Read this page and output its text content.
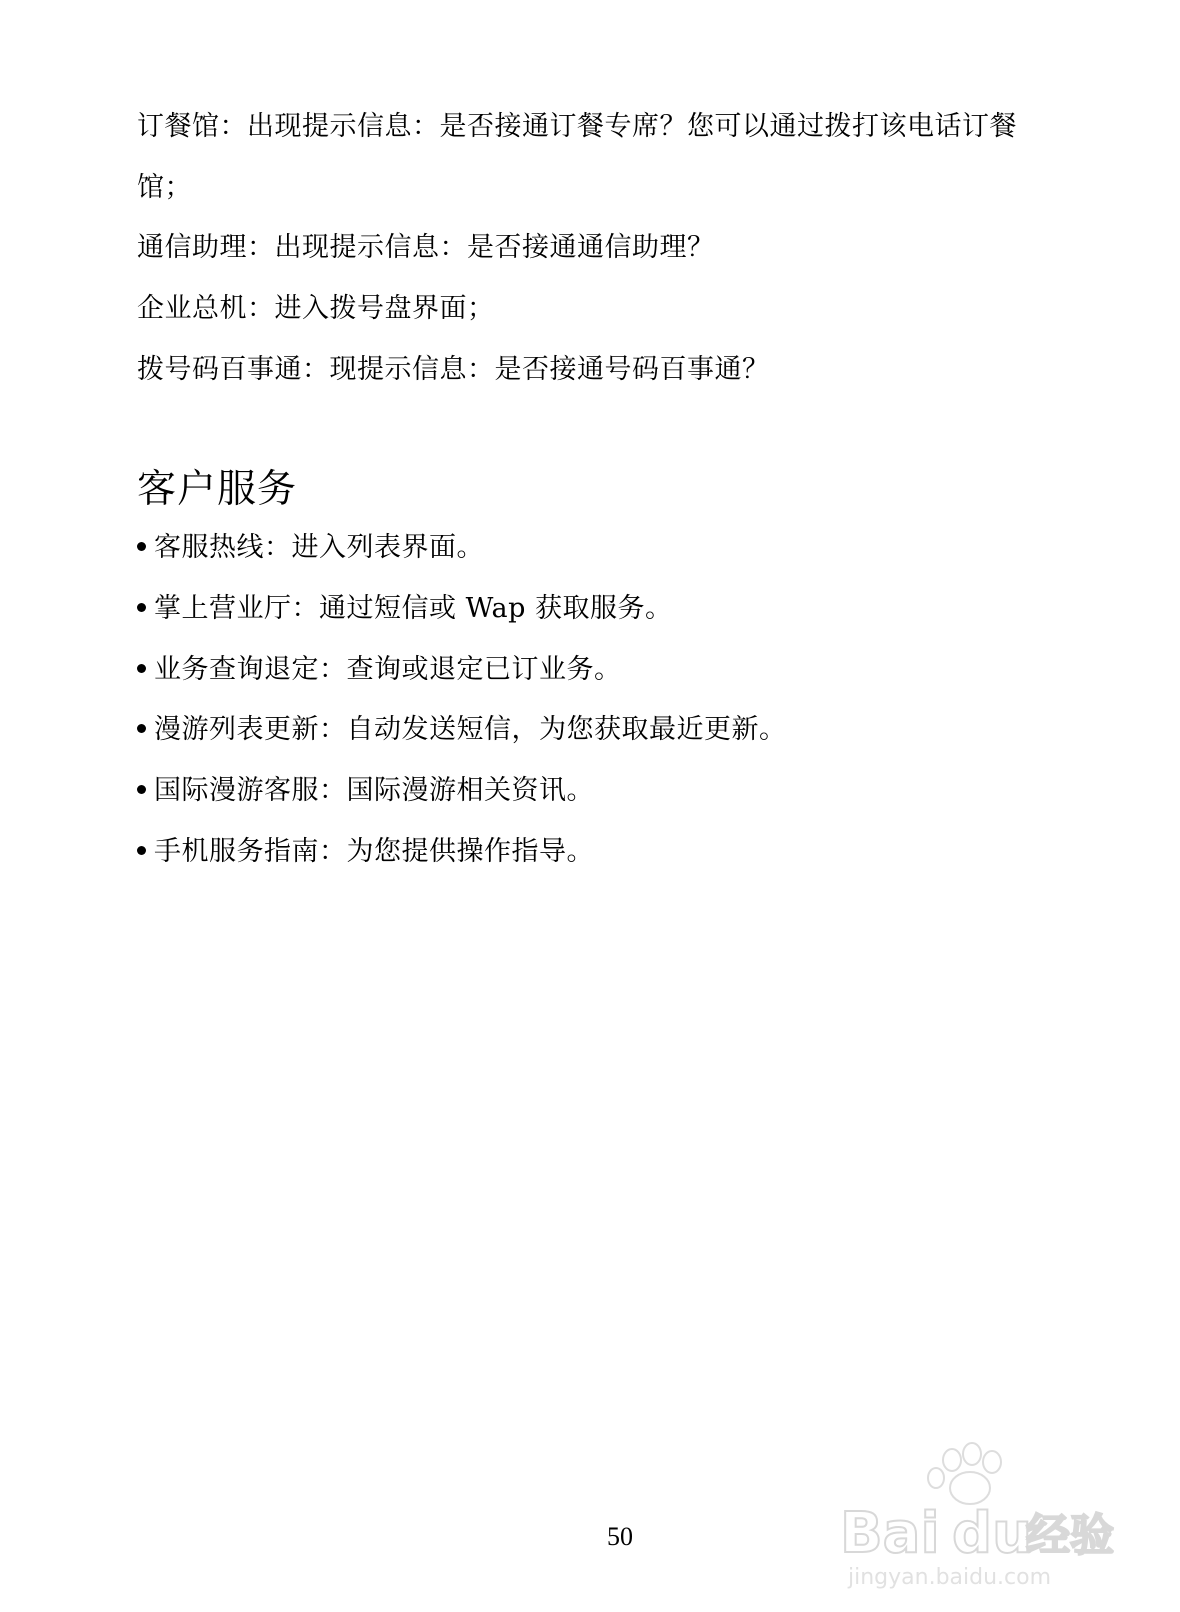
订餐馆：出现提示信息：是否接通订餐专席？您可以通过拨打该电话订餐
馆；
通信助理：出现提示信息：是否接通通信助理？
企业总机：进入拨号盘界面；
拨号码百事通：现提示信息：是否接通号码百事通？
客户服务
客服热线：进入列表界面。
掌上营业厅：通过短信或 Wap 获取服务。
业务查询退定：查询或退定已订业务。
漫游列表更新：自动发送短信，为您获取最近更新。
国际漫游客服：国际漫游相关资讯。
手机服务指南：为您提供操作指导。
50	Bai du
经验
jingyan.baidu.com
